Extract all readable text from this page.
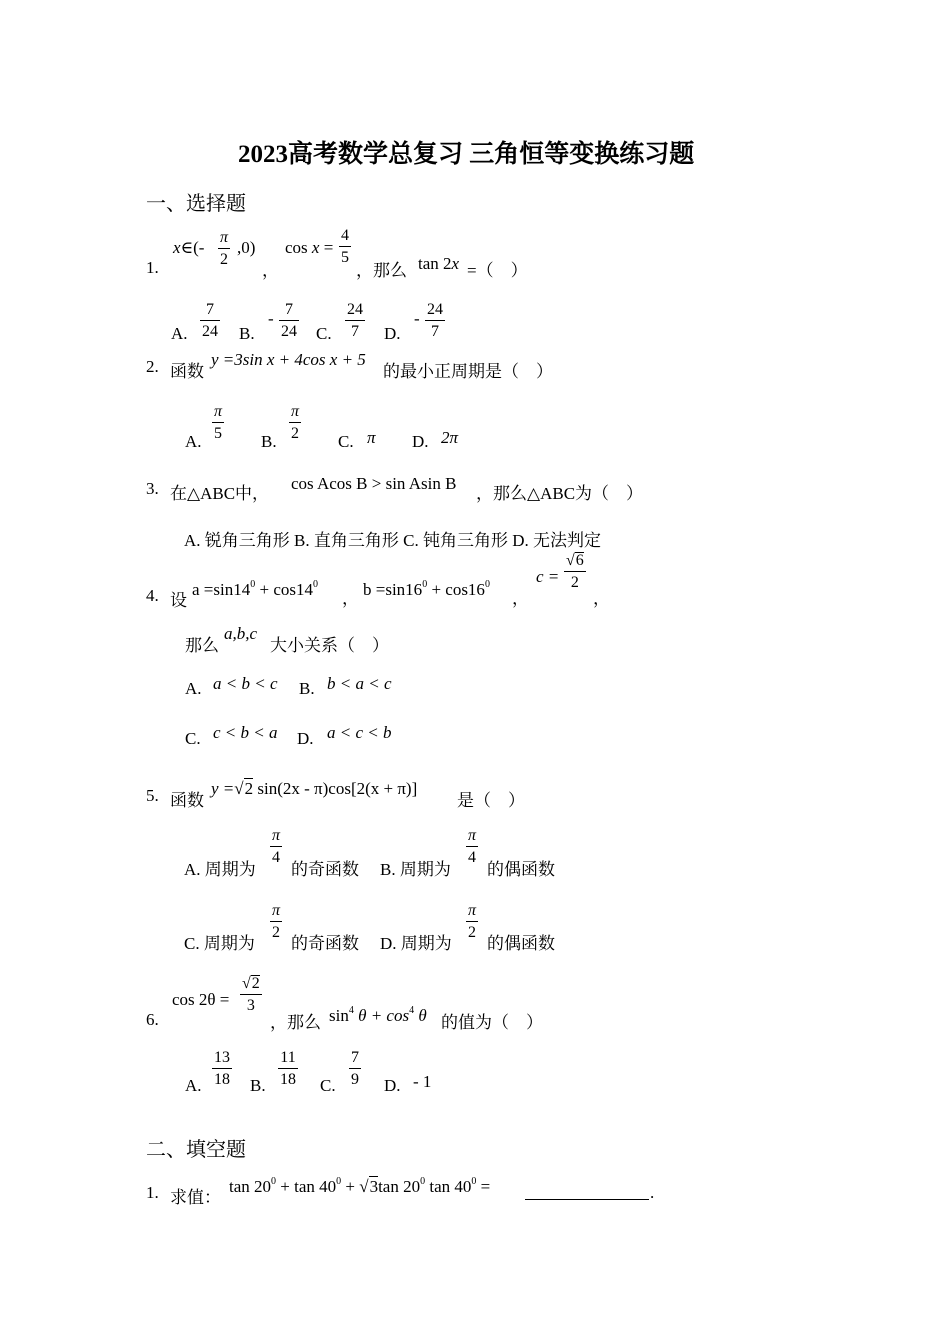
2023高考数学总复习 三角恒等变换练习题
一、选择题
1.
x∈(-
π
2
,0)
，
cos x =
4
5
，那么 tan 2x =（　）
A.
7
24 B.
- 7
24 C.
24
7 D.
- 24
7
2. 函数
y =3sin x + 4cos x + 5
的最小正周期是（　）
A.
π
5 B.
π
2 C. π D. 2π
3. 在△ABC中，
cos Acos B > sin Asin B
，那么△ABC为（　）
A. 锐角三角形 B. 直角三角形 C. 钝角三角形 D. 无法判定
4. 设
$a =\sin 14^0 + \cos 14^0$
， $b =\sin 16^0 + \cos 16^0$
，
c =
√6
2
，
那么
a,b,c
大小关系（　）
A. a < b < c B. b < a < c
C. c < b < a D. a < c < b
5. 函数
y =√2 sin(2x - π)cos[2(x + π)]
是（　）
A. 周期为
π
4
的奇函数 B. 周期为
π
4
的偶函数
C. 周期为
π
2
的奇函数 D. 周期为
π
2
的偶函数
6.
cos 2θ =
√2
3
，那么 $\sin^4 \theta + \cos^4 \theta$ 的值为（　）
A.
13
18 B.
11
18 C.
7
9 D. - 1
二、填空题
1. 求值：
$\tan 20^0 + \tan 40^0 + √3\tan$ $20^0$ $\tan 40^0$ =	.
